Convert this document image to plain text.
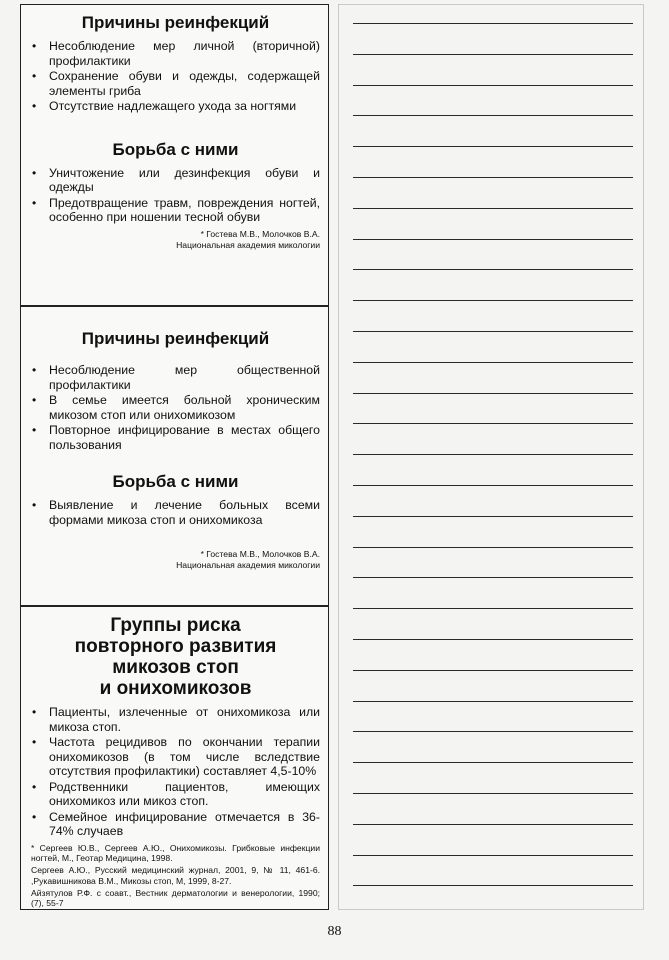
Причины реинфекций
• Несоблюдение мер личной (вторичной) профилактики
• Сохранение обуви и одежды, содержащей элементы гриба
• Отсутствие надлежащего ухода за ногтями
Борьба с ними
• Уничтожение или дезинфекция обуви и одежды
• Предотвращение травм, повреждения ногтей, особенно при ношении тесной обуви
* Гостева М.В., Молочков В.А.
Национальная академия микологии
Причины реинфекций
• Несоблюдение мер общественной профилактики
• В семье имеется больной хроническим микозом стоп или онихомикозом
• Повторное инфицирование в местах общего пользования
Борьба с ними
• Выявление и лечение больных всеми формами микоза стоп и онихомикоза
* Гостева М.В., Молочков В.А.
Национальная академия микологии
Группы риска
повторного развития
микозов стоп
и онихомикозов
• Пациенты, излеченные от онихомикоза или микоза стоп.
• Частота рецидивов по окончании терапии онихомикозов (в том числе вследствие отсутствия профилактики) составляет 4,5-10%
• Родственники пациентов, имеющих онихомикоз или микоз стоп.
• Семейное инфицирование отмечается в 36-74% случаев

* Сергеев Ю.В., Сергеев А.Ю., Онихомикозы. Грибковые инфекции ногтей, М., Геотар Медицина, 1998.

Сергеев А.Ю., Русский медицинский журнал, 2001, 9, № 11, 461-6. ,Рукавишникова В.М., Микозы стоп, М, 1999, 8-27.

Айзятулов Р.Ф. с соавт., Вестник дерматологии и венерологии, 1990; (7), 55-7

88
